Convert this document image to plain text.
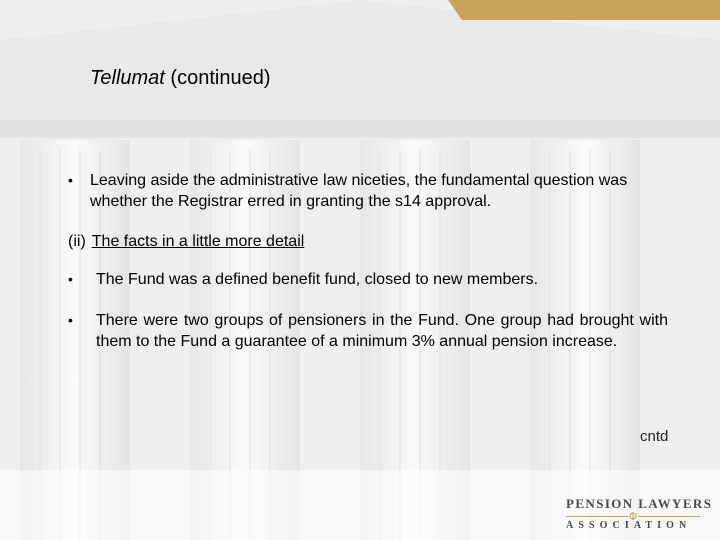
Tellumat (continued)
•	Leaving aside the administrative law niceties, the fundamental question was whether the Registrar erred in granting the s14 approval.
(ii) The facts in a little more detail
•	The Fund was a defined benefit fund, closed to new members.
•	There were two groups of pensioners in the Fund. One group had brought with them to the Fund a guarantee of a minimum 3% annual pension increase.
cntd
PENSION LAWYERS
ASSOCIATION
